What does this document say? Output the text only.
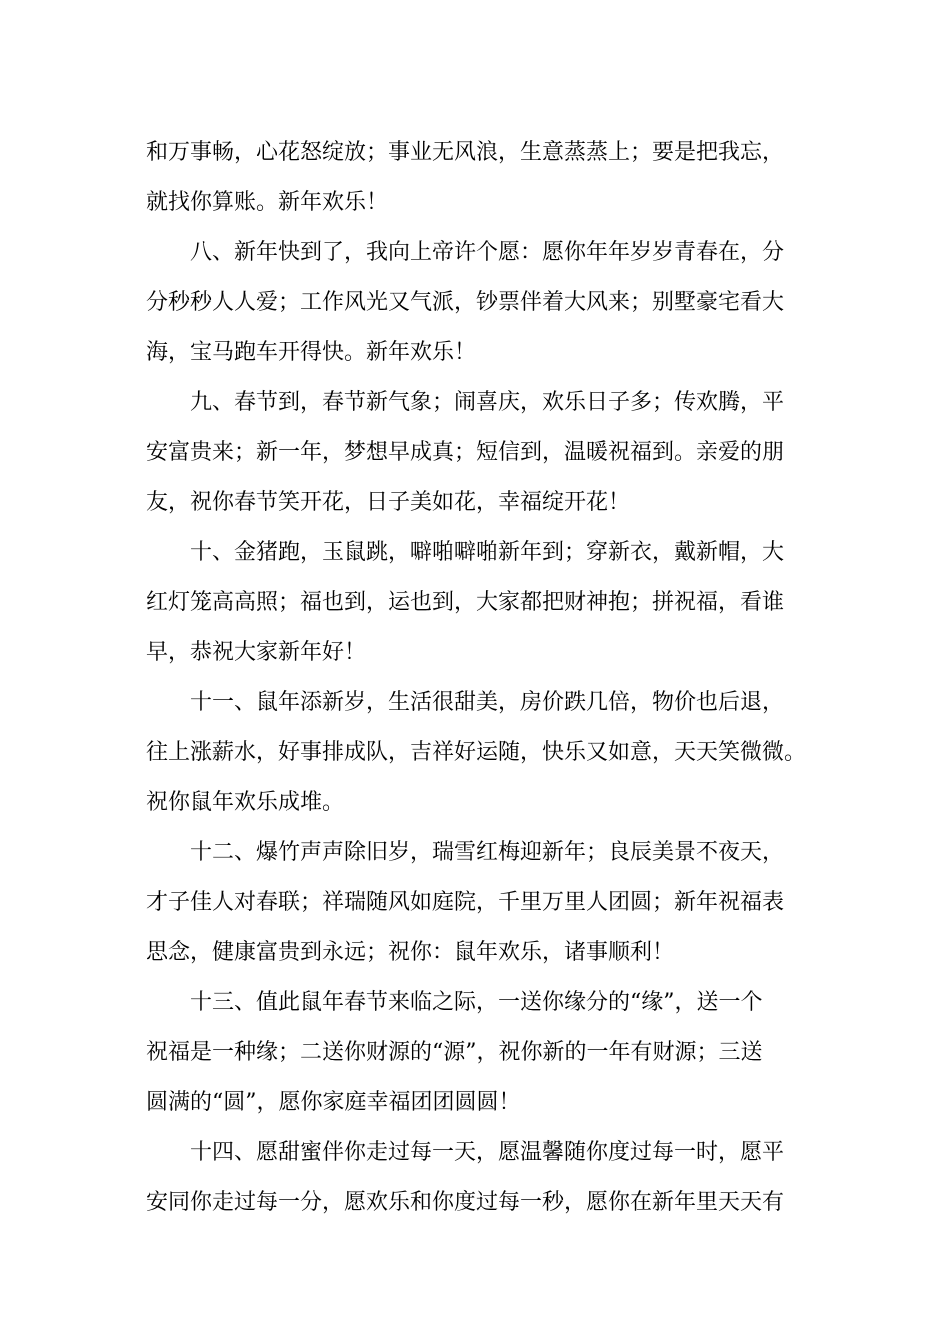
和万事畅，心花怒绽放；事业无风浪，生意蒸蒸上；要是把我忘，
就找你算账。新年欢乐！
八、新年快到了，我向上帝许个愿：愿你年年岁岁青春在，分
分秒秒人人爱；工作风光又气派，钞票伴着大风来；别墅豪宅看大
海，宝马跑车开得快。新年欢乐！
九、春节到，春节新气象；闹喜庆，欢乐日子多；传欢腾，平
安富贵来；新一年，梦想早成真；短信到，温暖祝福到。亲爱的朋
友，祝你春节笑开花，日子美如花，幸福绽开花！
十、金猪跑，玉鼠跳，噼啪噼啪新年到；穿新衣，戴新帽，大
红灯笼高高照；福也到，运也到，大家都把财神抱；拼祝福，看谁
早，恭祝大家新年好！
十一、鼠年添新岁，生活很甜美，房价跌几倍，物价也后退，
往上涨薪水，好事排成队，吉祥好运随，快乐又如意，天天笑微微。
祝你鼠年欢乐成堆。
十二、爆竹声声除旧岁，瑞雪红梅迎新年；良辰美景不夜天，
才子佳人对春联；祥瑞随风如庭院，千里万里人团圆；新年祝福表
思念，健康富贵到永远；祝你：鼠年欢乐，诸事顺利！
十三、值此鼠年春节来临之际，一送你缘分的“缘”，送一个
祝福是一种缘；二送你财源的“源”，祝你新的一年有财源；三送
圆满的“圆”，愿你家庭幸福团团圆圆！
十四、愿甜蜜伴你走过每一天，愿温馨随你度过每一时，愿平
安同你走过每一分，愿欢乐和你度过每一秒，愿你在新年里天天有
